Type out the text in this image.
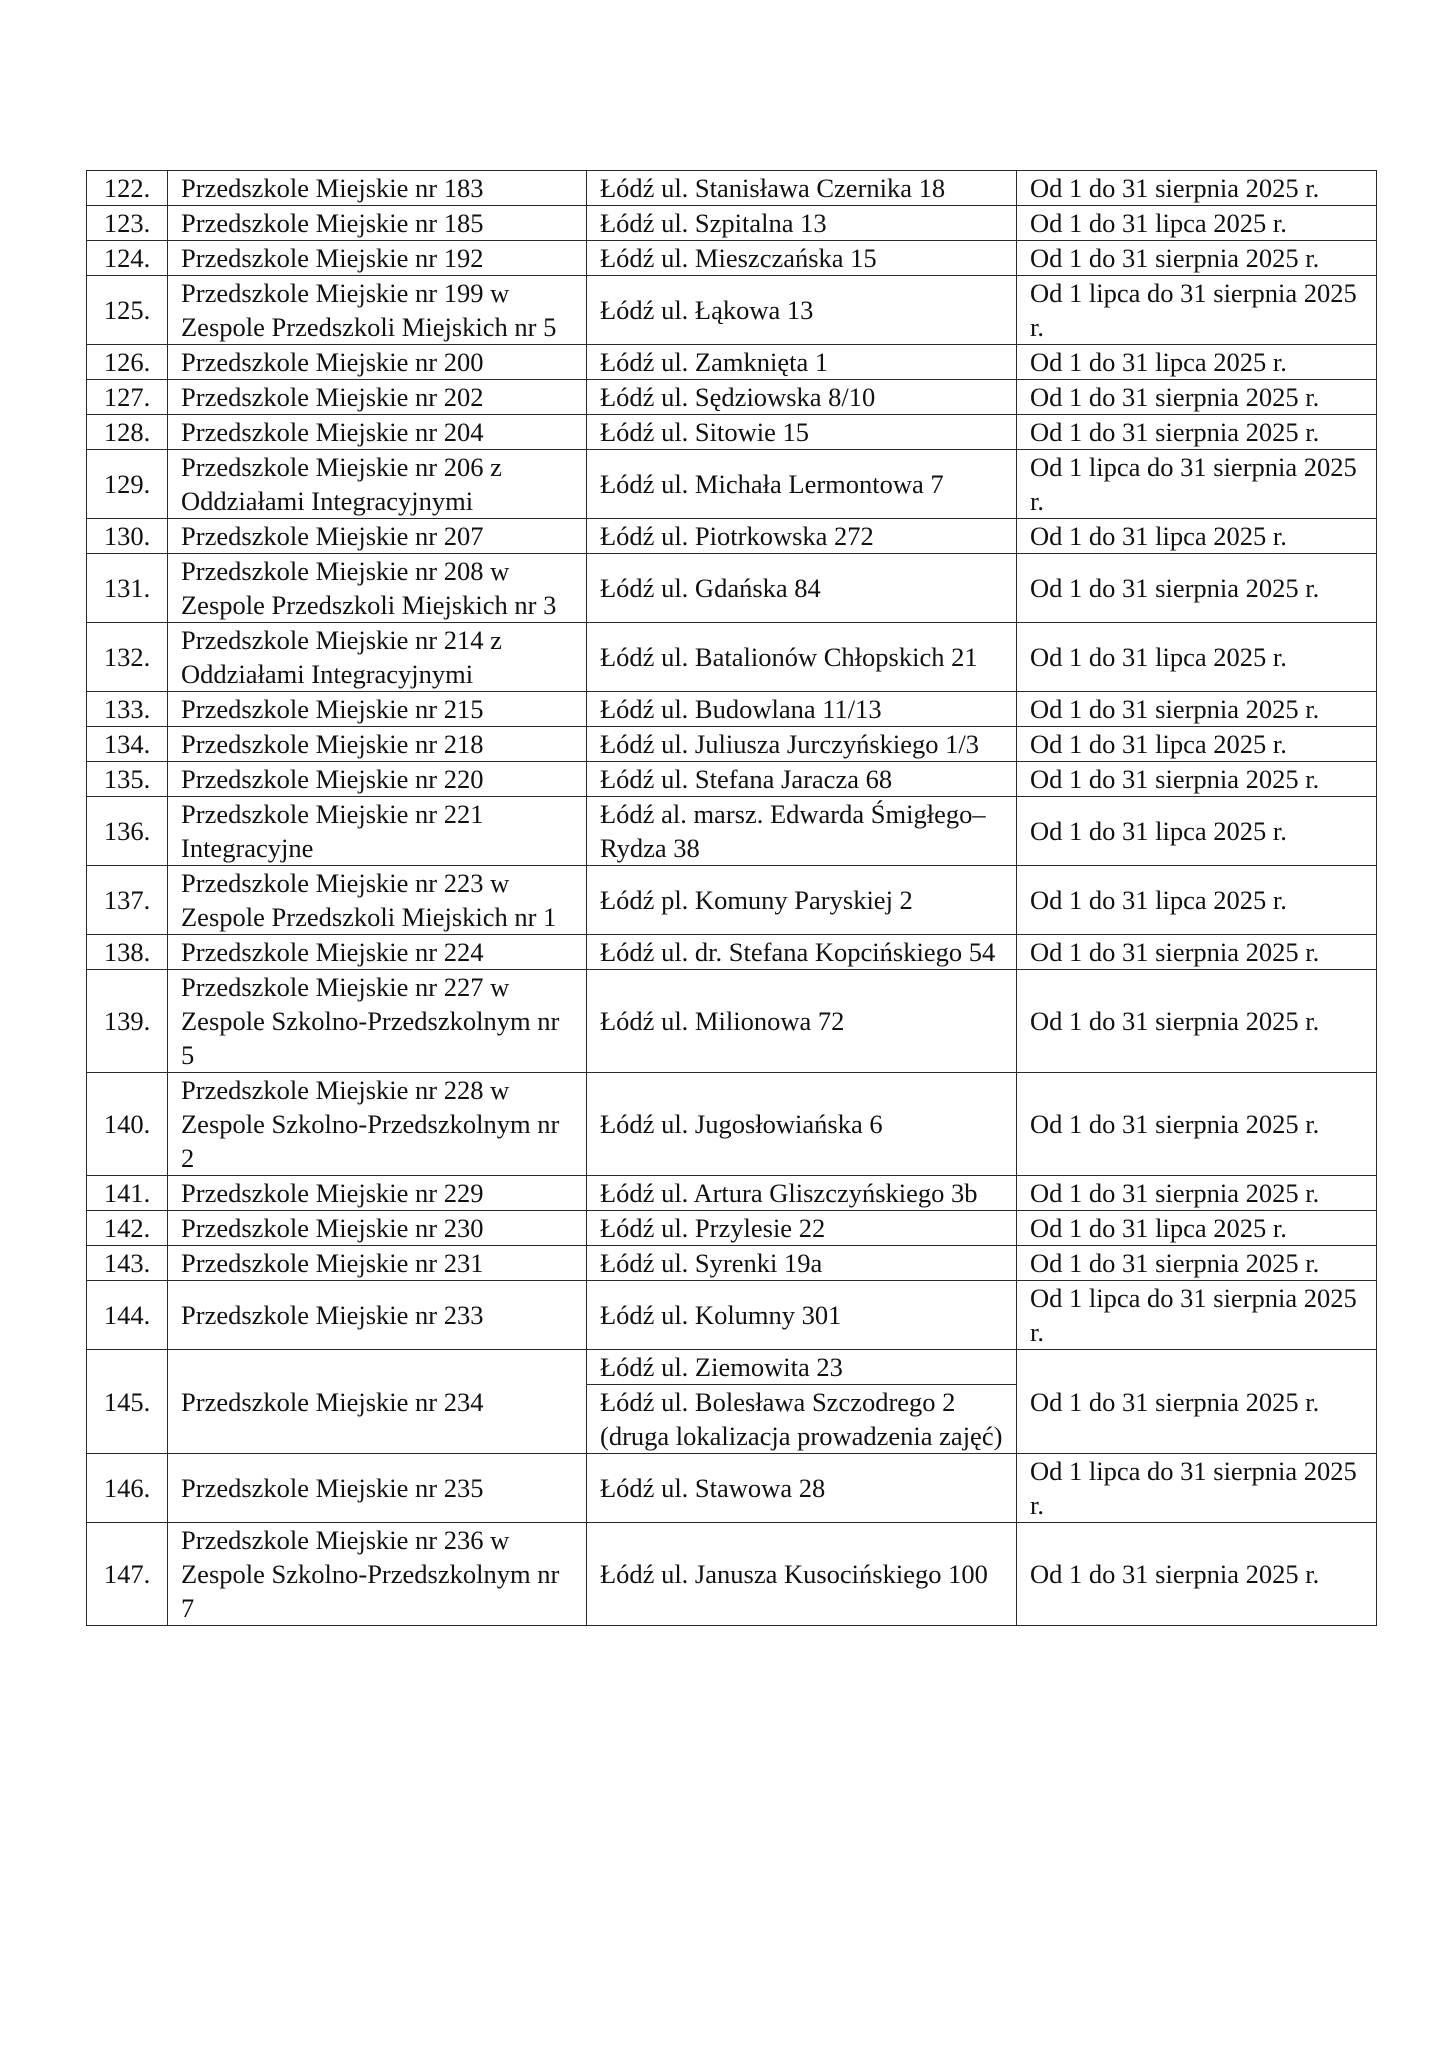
122.	Przedszkole Miejskie nr 183	Łódź ul. Stanisława Czernika 18	Od 1 do 31 sierpnia 2025 r.
123.	Przedszkole Miejskie nr 185	Łódź ul. Szpitalna 13	Od 1 do 31 lipca 2025 r.
124.	Przedszkole Miejskie nr 192	Łódź ul. Mieszczańska 15	Od 1 do 31 sierpnia 2025 r.
125.	Przedszkole Miejskie nr 199 w Zespole Przedszkoli Miejskich nr 5	Łódź ul. Łąkowa 13	Od 1 lipca do 31 sierpnia 2025 r.
126.	Przedszkole Miejskie nr 200	Łódź ul. Zamknięta 1	Od 1 do 31 lipca 2025 r.
127.	Przedszkole Miejskie nr 202	Łódź ul. Sędziowska 8/10	Od 1 do 31 sierpnia 2025 r.
128.	Przedszkole Miejskie nr 204	Łódź ul. Sitowie 15	Od 1 do 31 sierpnia 2025 r.
129.	Przedszkole Miejskie nr 206 z Oddziałami Integracyjnymi	Łódź ul. Michała Lermontowa 7	Od 1 lipca do 31 sierpnia 2025 r.
130.	Przedszkole Miejskie nr 207	Łódź ul. Piotrkowska 272	Od 1 do 31 lipca 2025 r.
131.	Przedszkole Miejskie nr 208 w Zespole Przedszkoli Miejskich nr 3	Łódź ul. Gdańska 84	Od 1 do 31 sierpnia 2025 r.
132.	Przedszkole Miejskie nr 214 z Oddziałami Integracyjnymi	Łódź ul. Batalionów Chłopskich 21	Od 1 do 31 lipca 2025 r.
133.	Przedszkole Miejskie nr 215	Łódź ul. Budowlana 11/13	Od 1 do 31 sierpnia 2025 r.
134.	Przedszkole Miejskie nr 218	Łódź ul. Juliusza Jurczyńskiego 1/3	Od 1 do 31 lipca 2025 r.
135.	Przedszkole Miejskie nr 220	Łódź ul. Stefana Jaracza 68	Od 1 do 31 sierpnia 2025 r.
136.	Przedszkole Miejskie nr 221 Integracyjne	Łódź al. marsz. Edwarda Śmigłego–Rydza 38	Od 1 do 31 lipca 2025 r.
137.	Przedszkole Miejskie nr 223 w Zespole Przedszkoli Miejskich nr 1	Łódź pl. Komuny Paryskiej 2	Od 1 do 31 lipca 2025 r.
138.	Przedszkole Miejskie nr 224	Łódź ul. dr. Stefana Kopcińskiego 54	Od 1 do 31 sierpnia 2025 r.
139.	Przedszkole Miejskie nr 227 w Zespole Szkolno-Przedszkolnym nr 5	Łódź ul. Milionowa 72	Od 1 do 31 sierpnia 2025 r.
140.	Przedszkole Miejskie nr 228 w Zespole Szkolno-Przedszkolnym nr 2	Łódź ul. Jugosłowiańska 6	Od 1 do 31 sierpnia 2025 r.
141.	Przedszkole Miejskie nr 229	Łódź ul. Artura Gliszczyńskiego 3b	Od 1 do 31 sierpnia 2025 r.
142.	Przedszkole Miejskie nr 230	Łódź ul. Przylesie 22	Od 1 do 31 lipca 2025 r.
143.	Przedszkole Miejskie nr 231	Łódź ul. Syrenki 19a	Od 1 do 31 sierpnia 2025 r.
144.	Przedszkole Miejskie nr 233	Łódź ul. Kolumny 301	Od 1 lipca do 31 sierpnia 2025 r.
145.	Przedszkole Miejskie nr 234	Łódź ul. Ziemowita 23	Od 1 do 31 sierpnia 2025 r.
		Łódź ul. Bolesława Szczodrego 2 (druga lokalizacja prowadzenia zajęć)	
146.	Przedszkole Miejskie nr 235	Łódź ul. Stawowa 28	Od 1 lipca do 31 sierpnia 2025 r.
147.	Przedszkole Miejskie nr 236 w Zespole Szkolno-Przedszkolnym nr 7	Łódź ul. Janusza Kusocińskiego 100	Od 1 do 31 sierpnia 2025 r.
